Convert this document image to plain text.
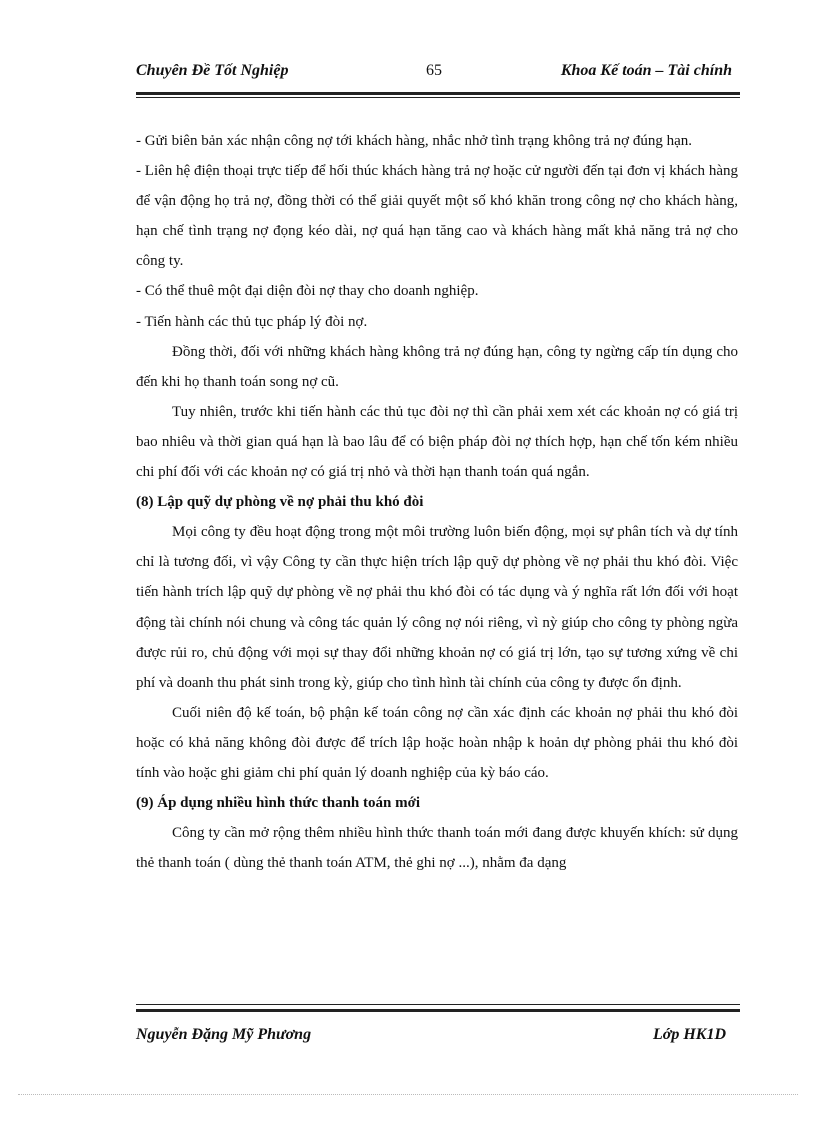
Chuyên Đề Tốt Nghiệp	65	Khoa Kế toán – Tài chính

- Gửi biên bản xác nhận công nợ tới khách hàng, nhắc nhở tình trạng không trả nợ đúng hạn.

- Liên hệ điện thoại trực tiếp để hối thúc khách hàng trả nợ hoặc cử người đến tại đơn vị khách hàng để vận động họ trả nợ, đồng thời có thể giải quyết một số khó khăn trong công nợ cho khách hàng, hạn chế tình trạng nợ đọng kéo dài, nợ quá hạn tăng cao và khách hàng mất khả năng trả nợ cho công ty.

- Có thể thuê một đại diện đòi nợ thay cho doanh nghiệp.

- Tiến hành các thủ tục pháp lý đòi nợ.

Đồng thời, đối với những khách hàng không trả nợ đúng hạn, công ty ngừng cấp tín dụng cho đến khi họ thanh toán song nợ cũ.

Tuy nhiên, trước khi tiến hành các thủ tục đòi nợ thì cần phải xem xét các khoản nợ có giá trị bao nhiêu và thời gian quá hạn là bao lâu để có biện pháp đòi nợ thích hợp, hạn chế tốn kém nhiều chi phí đối với các khoản nợ có giá trị nhỏ và thời hạn thanh toán quá ngắn.

(8) Lập quỹ dự phòng về nợ phải thu khó đòi

Mọi công ty đều hoạt động trong một môi trường luôn biến động, mọi sự phân tích và dự tính chỉ là tương đối, vì vậy Công ty cần thực hiện trích lập quỹ dự phòng về nợ phải thu khó đòi. Việc tiến hành trích lập quỹ dự phòng về nợ phải thu khó đòi có tác dụng và ý nghĩa rất lớn đối với hoạt động tài chính nói chung và công tác quản lý công nợ nói riêng, vì nỳ giúp cho công ty phòng ngừa được rủi ro, chủ động với mọi sự thay đổi những khoản nợ có giá trị lớn, tạo sự tương xứng về chi phí và doanh thu phát sinh trong kỳ, giúp cho tình hình tài chính của công ty được ổn định.

Cuối niên độ kế toán, bộ phận kế toán công nợ cần xác định các khoản nợ phải thu khó đòi hoặc có khả năng không đòi được để trích lập hoặc hoàn nhập k hoản dự phòng phải thu khó đòi tính vào hoặc ghi giảm chi phí quản lý doanh nghiệp của kỳ báo cáo.

(9) Áp dụng nhiều hình thức thanh toán mới

Công ty cần mở rộng thêm nhiều hình thức thanh toán mới đang được khuyến khích: sử dụng thẻ thanh toán ( dùng thẻ thanh toán ATM, thẻ ghi nợ ...), nhằm đa dạng

Nguyễn Đặng Mỹ Phương	Lớp HK1D
